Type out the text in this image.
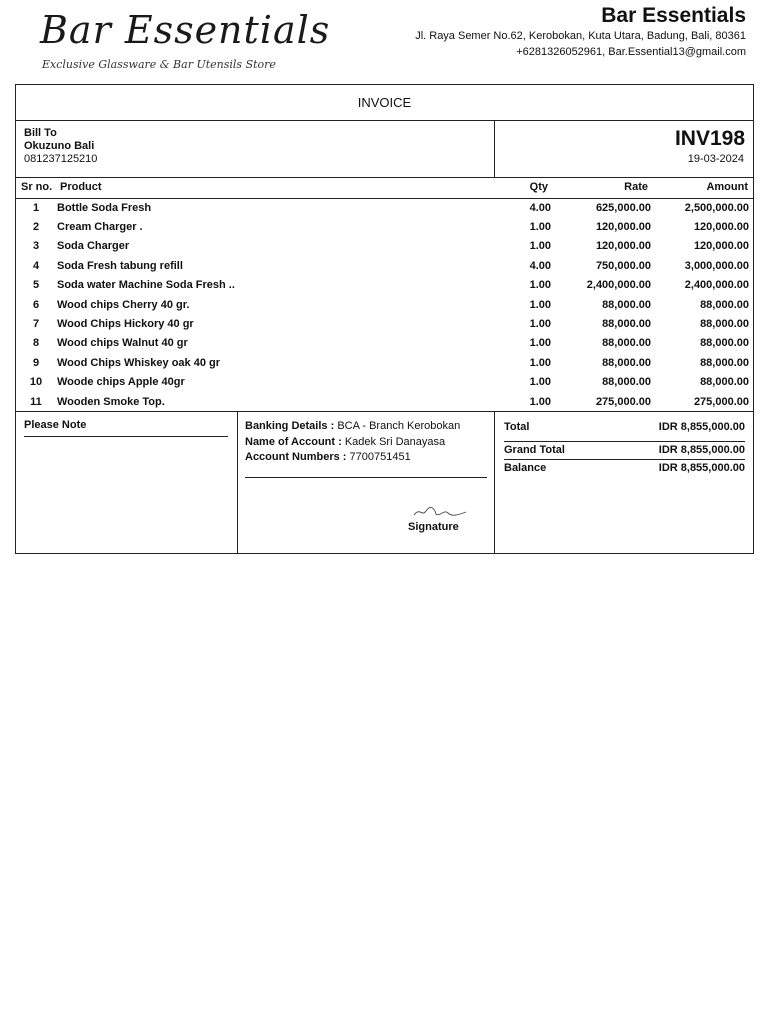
Bar Essentials
Exclusive Glassware & Bar Utensils Store
Bar Essentials
Jl. Raya Semer No.62, Kerobokan, Kuta Utara, Badung, Bali, 80361
+6281326052961, Bar.Essential13@gmail.com
INVOICE
Bill To
Okuzuno Bali
081237125210
INV198
19-03-2024
Sr no. Product	Qty	Rate	Amount
1	Bottle Soda Fresh	4.00	625,000.00	2,500,000.00
2	Cream Charger .	1.00	120,000.00	120,000.00
3	Soda Charger	1.00	120,000.00	120,000.00
4	Soda Fresh tabung refill	4.00	750,000.00	3,000,000.00
5	Soda water Machine Soda Fresh ..	1.00	2,400,000.00	2,400,000.00
6	Wood chips Cherry 40 gr.	1.00	88,000.00	88,000.00
7	Wood Chips Hickory 40 gr	1.00	88,000.00	88,000.00
8	Wood chips Walnut 40 gr	1.00	88,000.00	88,000.00
9	Wood Chips Whiskey oak 40 gr	1.00	88,000.00	88,000.00
10	Woode chips Apple 40gr	1.00	88,000.00	88,000.00
11	Wooden Smoke Top.	1.00	275,000.00	275,000.00
Please Note	Banking Details : BCA - Branch Kerobokan
Name of Account : Kadek Sri Danayasa
Account Numbers : 7700751451
Signature
Total	IDR 8,855,000.00
Grand Total	IDR 8,855,000.00
Balance	IDR 8,855,000.00
